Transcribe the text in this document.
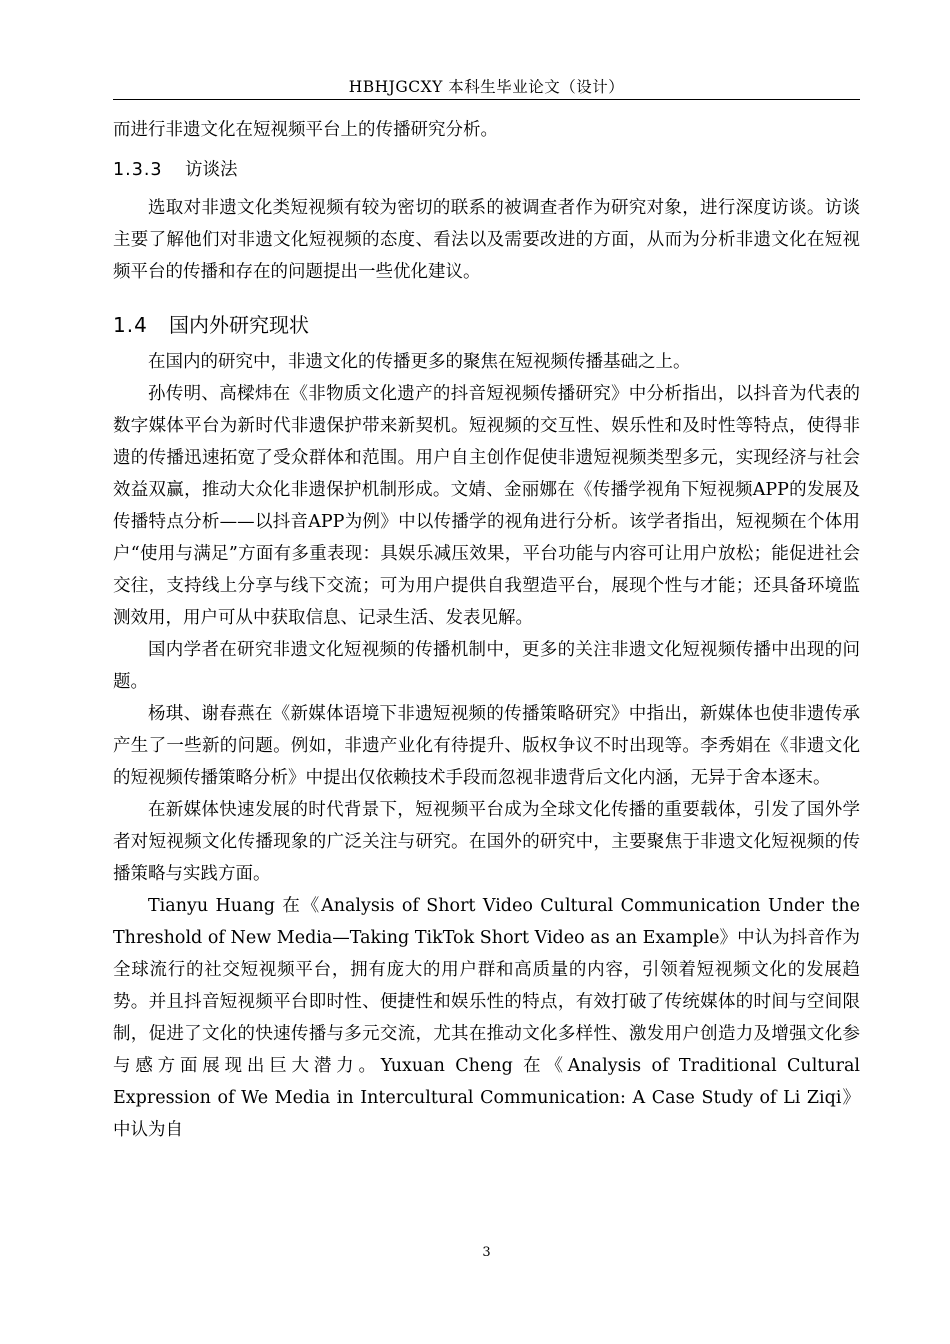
HBHJGCXY 本科生毕业论文（设计）

而进行非遗文化在短视频平台上的传播研究分析。

1.3.3 访谈法

选取对非遗文化类短视频有较为密切的联系的被调查者作为研究对象，进行深度访谈。访谈主要了解他们对非遗文化短视频的态度、看法以及需要改进的方面，从而为分析非遗文化在短视频平台的传播和存在的问题提出一些优化建议。

1.4 国内外研究现状

在国内的研究中，非遗文化的传播更多的聚焦在短视频传播基础之上。

孙传明、高樑炜在《非物质文化遗产的抖音短视频传播研究》中分析指出，以抖音为代表的数字媒体平台为新时代非遗保护带来新契机。短视频的交互性、娱乐性和及时性等特点，使得非遗的传播迅速拓宽了受众群体和范围。用户自主创作促使非遗短视频类型多元，实现经济与社会效益双赢，推动大众化非遗保护机制形成。文婧、金丽娜在《传播学视角下短视频APP的发展及传播特点分析——以抖音APP为例》中以传播学的视角进行分析。该学者指出，短视频在个体用户“使用与满足”方面有多重表现：具娱乐减压效果，平台功能与内容可让用户放松；能促进社会交往，支持线上分享与线下交流；可为用户提供自我塑造平台，展现个性与才能；还具备环境监测效用，用户可从中获取信息、记录生活、发表见解。

国内学者在研究非遗文化短视频的传播机制中，更多的关注非遗文化短视频传播中出现的问题。

杨琪、谢春燕在《新媒体语境下非遗短视频的传播策略研究》中指出，新媒体也使非遗传承产生了一些新的问题。例如，非遗产业化有待提升、版权争议不时出现等。李秀娟在《非遗文化的短视频传播策略分析》中提出仅依赖技术手段而忽视非遗背后文化内涵，无异于舍本逐末。

在新媒体快速发展的时代背景下，短视频平台成为全球文化传播的重要载体，引发了国外学者对短视频文化传播现象的广泛关注与研究。在国外的研究中，主要聚焦于非遗文化短视频的传播策略与实践方面。

Tianyu Huang 在《Analysis of Short Video Cultural Communication Under the Threshold of New Media—Taking TikTok Short Video as an Example》中认为抖音作为全球流行的社交短视频平台，拥有庞大的用户群和高质量的内容，引领着短视频文化的发展趋势。并且抖音短视频平台即时性、便捷性和娱乐性的特点，有效打破了传统媒体的时间与空间限制，促进了文化的快速传播与多元交流，尤其在推动文化多样性、激发用户创造力及增强文化参与感方面展现出巨大潜力。Yuxuan Cheng 在《Analysis of Traditional Cultural Expression of We Media in Intercultural Communication: A Case Study of Li Ziqi》中认为自

3
